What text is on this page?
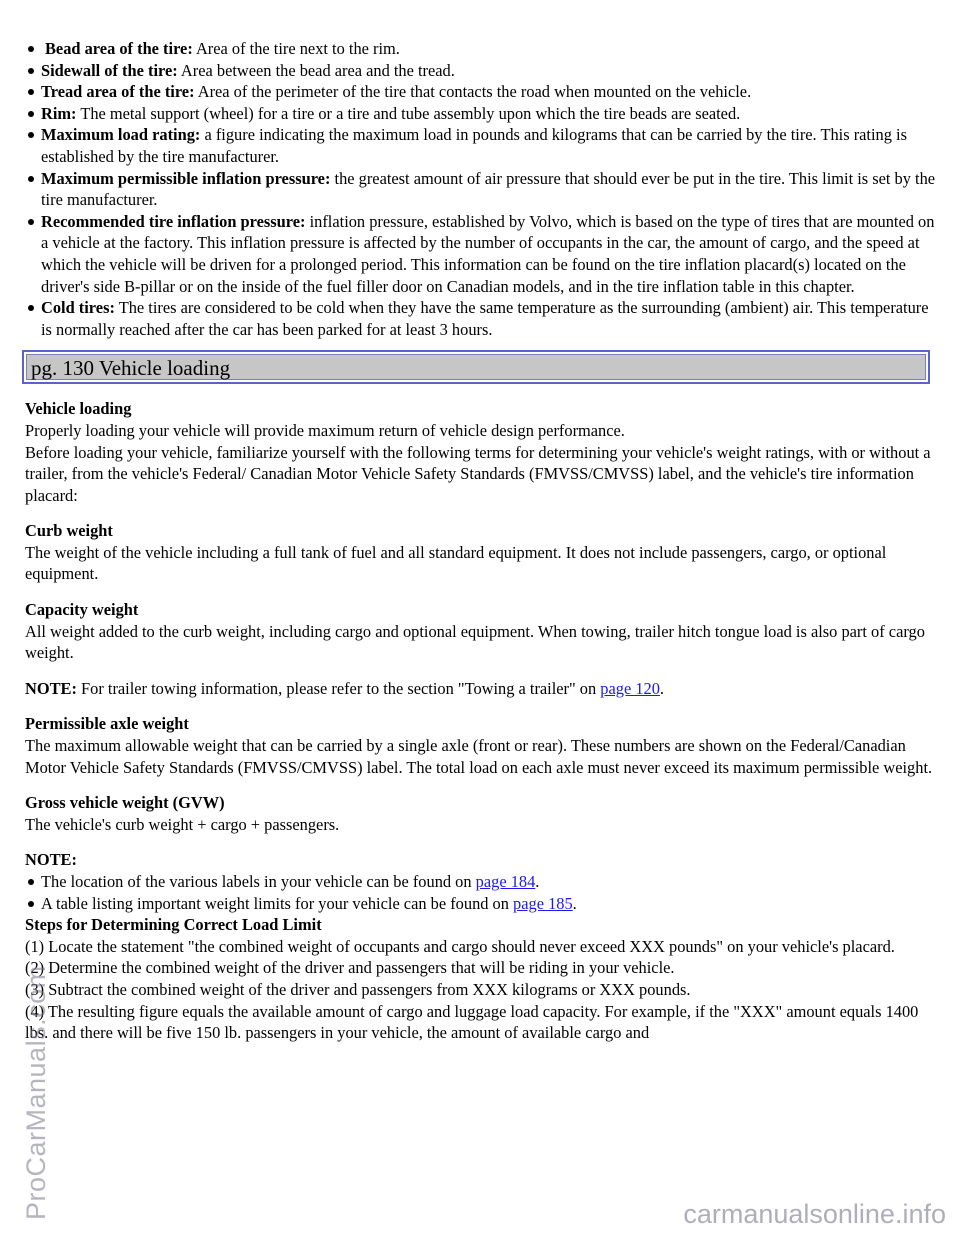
Bead area of the tire: Area of the tire next to the rim.
Sidewall of the tire: Area between the bead area and the tread.
Tread area of the tire: Area of the perimeter of the tire that contacts the road when mounted on the vehicle.
Rim: The metal support (wheel) for a tire or a tire and tube assembly upon which the tire beads are seated.
Maximum load rating: a figure indicating the maximum load in pounds and kilograms that can be carried by the tire. This rating is established by the tire manufacturer.
Maximum permissible inflation pressure: the greatest amount of air pressure that should ever be put in the tire. This limit is set by the tire manufacturer.
Recommended tire inflation pressure: inflation pressure, established by Volvo, which is based on the type of tires that are mounted on a vehicle at the factory. This inflation pressure is affected by the number of occupants in the car, the amount of cargo, and the speed at which the vehicle will be driven for a prolonged period. This information can be found on the tire inflation placard(s) located on the driver's side B-pillar or on the inside of the fuel filler door on Canadian models, and in the tire inflation table in this chapter.
Cold tires: The tires are considered to be cold when they have the same temperature as the surrounding (ambient) air. This temperature is normally reached after the car has been parked for at least 3 hours.
pg. 130 Vehicle loading

Vehicle loading
Properly loading your vehicle will provide maximum return of vehicle design performance.
Before loading your vehicle, familiarize yourself with the following terms for determining your vehicle's weight ratings, with or without a trailer, from the vehicle's Federal/ Canadian Motor Vehicle Safety Standards (FMVSS/CMVSS) label, and the vehicle's tire information placard:

Curb weight
The weight of the vehicle including a full tank of fuel and all standard equipment. It does not include passengers, cargo, or optional equipment.

Capacity weight
All weight added to the curb weight, including cargo and optional equipment. When towing, trailer hitch tongue load is also part of cargo weight.

NOTE: For trailer towing information, please refer to the section "Towing a trailer" on page 120.

Permissible axle weight
The maximum allowable weight that can be carried by a single axle (front or rear). These numbers are shown on the Federal/Canadian Motor Vehicle Safety Standards (FMVSS/CMVSS) label. The total load on each axle must never exceed its maximum permissible weight.

Gross vehicle weight (GVW)
The vehicle's curb weight + cargo + passengers.

NOTE:

The location of the various labels in your vehicle can be found on page 184.
A table listing important weight limits for your vehicle can be found on page 185.

Steps for Determining Correct Load Limit
(1) Locate the statement "the combined weight of occupants and cargo should never exceed XXX pounds" on your vehicle's placard.
(2) Determine the combined weight of the driver and passengers that will be riding in your vehicle.
(3) Subtract the combined weight of the driver and passengers from XXX kilograms or XXX pounds.
(4) The resulting figure equals the available amount of cargo and luggage load capacity. For example, if the "XXX" amount equals 1400 lbs. and there will be five 150 lb. passengers in your vehicle, the amount of available cargo and

ProCarManuals.com	carmanualsonline.info
